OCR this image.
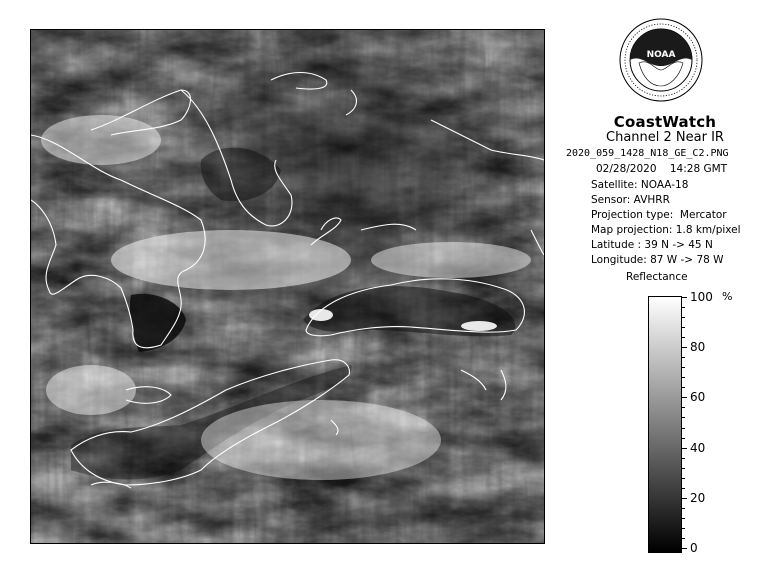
NOAA
CoastWatch
Channel 2 Near IR
2020_059_1428_N18_GE_C2.PNG
02/28/2020    14:28 GMT
Satellite: NOAA-18
Sensor: AVHRR
Projection type:  Mercator
Map projection: 1.8 km/pixel
Latitude : 39 N -> 45 N
Longitude: 87 W -> 78 W
Reflectance
%
100
80
60
40
20
0
